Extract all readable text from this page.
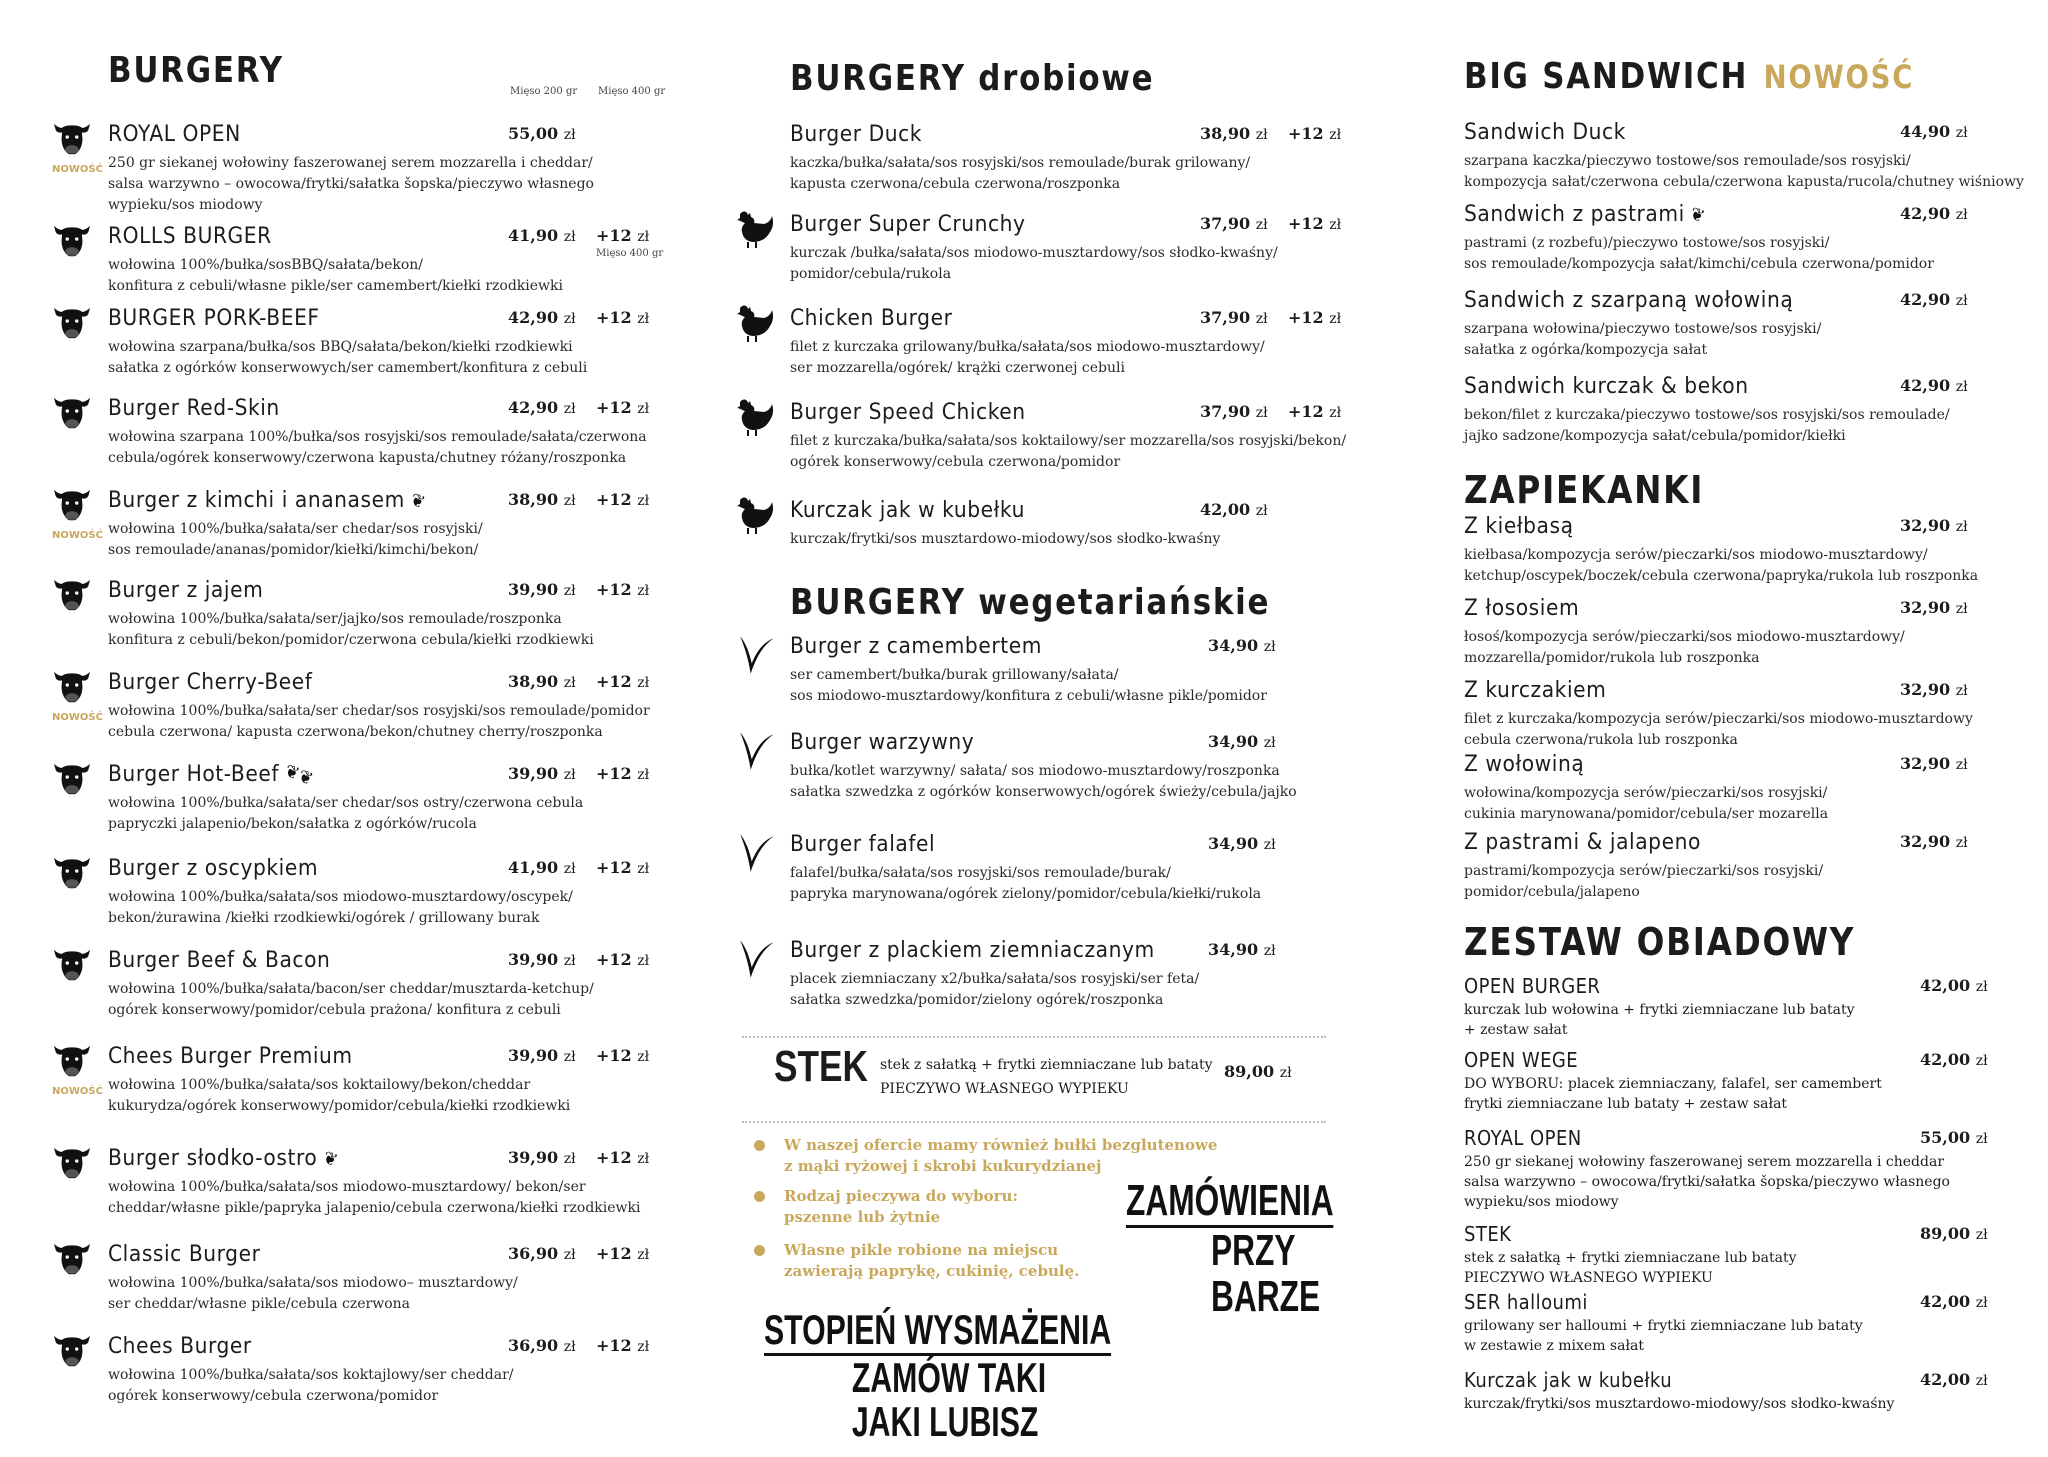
BURGERY
Mięso 200 gr Mięso 400 gr
NOWOŚĆ
ROYAL OPEN
250 gr siekanej wołowiny faszerowanej serem mozzarella i cheddar/
salsa warzywno – owocowa/frytki/sałatka šopska/pieczywo własnego
wypieku/sos miodowy
55,00 zł
ROLLS BURGER
wołowina 100%/bułka/sosBBQ/sałata/bekon/
konfitura z cebuli/własne pikle/ser camembert/kiełki rzodkiewki
41,90 zł +12 zł
Mięso 400 gr
BURGER PORK-BEEF
wołowina szarpana/bułka/sos BBQ/sałata/bekon/kiełki rzodkiewki
sałatka z ogórków konserwowych/ser camembert/konfitura z cebuli
42,90 zł +12 zł
Burger Red-Skin
wołowina szarpana 100%/bułka/sos rosyjski/sos remoulade/sałata/czerwona
cebula/ogórek konserwowy/czerwona kapusta/chutney różany/roszponka
42,90 zł +12 zł
NOWOŚĆ
Burger z kimchi i ananasem ❦
wołowina 100%/bułka/sałata/ser chedar/sos rosyjski/
sos remoulade/ananas/pomidor/kiełki/kimchi/bekon/
38,90 zł +12 zł
Burger z jajem
wołowina 100%/bułka/sałata/ser/jajko/sos remoulade/roszponka
konfitura z cebuli/bekon/pomidor/czerwona cebula/kiełki rzodkiewki
39,90 zł +12 zł
NOWOŚĆ
Burger Cherry-Beef
wołowina 100%/bułka/sałata/ser chedar/sos rosyjski/sos remoulade/pomidor
cebula czerwona/ kapusta czerwona/bekon/chutney cherry/roszponka
38,90 zł +12 zł
Burger Hot-Beef ❦❦
wołowina 100%/bułka/sałata/ser chedar/sos ostry/czerwona cebula
papryczki jalapenio/bekon/sałatka z ogórków/rucola
39,90 zł +12 zł
Burger z oscypkiem
wołowina 100%/bułka/sałata/sos miodowo-musztardowy/oscypek/
bekon/żurawina /kiełki rzodkiewki/ogórek / grillowany burak
41,90 zł +12 zł
Burger Beef & Bacon
wołowina 100%/bułka/sałata/bacon/ser cheddar/musztarda-ketchup/
ogórek konserwowy/pomidor/cebula prażona/ konfitura z cebuli
39,90 zł +12 zł
NOWOŚĆ
Chees Burger Premium
wołowina 100%/bułka/sałata/sos koktailowy/bekon/cheddar
kukurydza/ogórek konserwowy/pomidor/cebula/kiełki rzodkiewki
39,90 zł +12 zł
Burger słodko-ostro ❦
wołowina 100%/bułka/sałata/sos miodowo-musztardowy/ bekon/ser
cheddar/własne pikle/papryka jalapenio/cebula czerwona/kiełki rzodkiewki
39,90 zł +12 zł
Classic Burger
wołowina 100%/bułka/sałata/sos miodowo– musztardowy/
ser cheddar/własne pikle/cebula czerwona
36,90 zł +12 zł
Chees Burger
wołowina 100%/bułka/sałata/sos koktajlowy/ser cheddar/
ogórek konserwowy/cebula czerwona/pomidor
36,90 zł +12 zł
BURGERY drobiowe
Burger Duck
kaczka/bułka/sałata/sos rosyjski/sos remoulade/burak grilowany/
kapusta czerwona/cebula czerwona/roszponka
38,90 zł +12 zł
Burger Super Crunchy
kurczak /bułka/sałata/sos miodowo-musztardowy/sos słodko-kwaśny/
pomidor/cebula/rukola
37,90 zł +12 zł
Chicken Burger
filet z kurczaka grilowany/bułka/sałata/sos miodowo-musztardowy/
ser mozzarella/ogórek/ krążki czerwonej cebuli
37,90 zł +12 zł
Burger Speed Chicken
filet z kurczaka/bułka/sałata/sos koktailowy/ser mozzarella/sos rosyjski/bekon/
ogórek konserwowy/cebula czerwona/pomidor
37,90 zł +12 zł
Kurczak jak w kubełku
kurczak/frytki/sos musztardowo-miodowy/sos słodko-kwaśny
42,00 zł
BURGERY wegetariańskie
Burger z camembertem
ser camembert/bułka/burak grillowany/sałata/
sos miodowo-musztardowy/konfitura z cebuli/własne pikle/pomidor
34,90 zł
Burger warzywny
bułka/kotlet warzywny/ sałata/ sos miodowo-musztardowy/roszponka
sałatka szwedzka z ogórków konserwowych/ogórek świeży/cebula/jajko
34,90 zł
Burger falafel
falafel/bułka/sałata/sos rosyjski/sos remoulade/burak/
papryka marynowana/ogórek zielony/pomidor/cebula/kiełki/rukola
34,90 zł
Burger z plackiem ziemniaczanym
placek ziemniaczany x2/bułka/sałata/sos rosyjski/ser feta/
sałatka szwedzka/pomidor/zielony ogórek/roszponka
34,90 zł
STEK stek z sałatką + frytki ziemniaczane lub bataty
PIECZYWO WŁASNEGO WYPIEKU
89,00 zł
W naszej ofercie mamy również bułki bezglutenowe
z mąki ryżowej i skrobi kukurydzianej
Rodzaj pieczywa do wyboru:
pszenne lub żytnie
Własne pikle robione na miejscu
zawierają paprykę, cukinię, cebulę.
ZAMÓWIENIA
PRZY
BARZE
STOPIEŃ WYSMAŻENIA
ZAMÓW TAKI
JAKI LUBISZ
BIG SANDWICH NOWOŚĆ
Sandwich Duck
szarpana kaczka/pieczywo tostowe/sos remoulade/sos rosyjski/
kompozycja sałat/czerwona cebula/czerwona kapusta/rucola/chutney wiśniowy
44,90 zł
Sandwich z pastrami ❦
pastrami (z rozbefu)/pieczywo tostowe/sos rosyjski/
sos remoulade/kompozycja sałat/kimchi/cebula czerwona/pomidor
42,90 zł
Sandwich z szarpaną wołowiną
szarpana wołowina/pieczywo tostowe/sos rosyjski/
sałatka z ogórka/kompozycja sałat
42,90 zł
Sandwich kurczak & bekon
bekon/filet z kurczaka/pieczywo tostowe/sos rosyjski/sos remoulade/
jajko sadzone/kompozycja sałat/cebula/pomidor/kiełki
42,90 zł
ZAPIEKANKI
Z kiełbasą
kiełbasa/kompozycja serów/pieczarki/sos miodowo-musztardowy/
ketchup/oscypek/boczek/cebula czerwona/papryka/rukola lub roszponka
32,90 zł
Z łososiem
łosoś/kompozycja serów/pieczarki/sos miodowo-musztardowy/
mozzarella/pomidor/rukola lub roszponka
32,90 zł
Z kurczakiem
filet z kurczaka/kompozycja serów/pieczarki/sos miodowo-musztardowy
cebula czerwona/rukola lub roszponka
32,90 zł
Z wołowiną
wołowina/kompozycja serów/pieczarki/sos rosyjski/
cukinia marynowana/pomidor/cebula/ser mozarella
32,90 zł
Z pastrami & jalapeno
pastrami/kompozycja serów/pieczarki/sos rosyjski/
pomidor/cebula/jalapeno
32,90 zł
ZESTAW OBIADOWY
OPEN BURGER
kurczak lub wołowina + frytki ziemniaczane lub bataty
+ zestaw sałat
42,00 zł
OPEN WEGE
DO WYBORU: placek ziemniaczany, falafel, ser camembert
frytki ziemniaczane lub bataty + zestaw sałat
42,00 zł
ROYAL OPEN
250 gr siekanej wołowiny faszerowanej serem mozzarella i cheddar
salsa warzywno – owocowa/frytki/sałatka šopska/pieczywo własnego
wypieku/sos miodowy
55,00 zł
STEK
stek z sałatką + frytki ziemniaczane lub bataty
PIECZYWO WŁASNEGO WYPIEKU
89,00 zł
SER halloumi
grilowany ser halloumi + frytki ziemniaczane lub bataty
w zestawie z mixem sałat
42,00 zł
Kurczak jak w kubełku
kurczak/frytki/sos musztardowo-miodowy/sos słodko-kwaśny
42,00 zł
